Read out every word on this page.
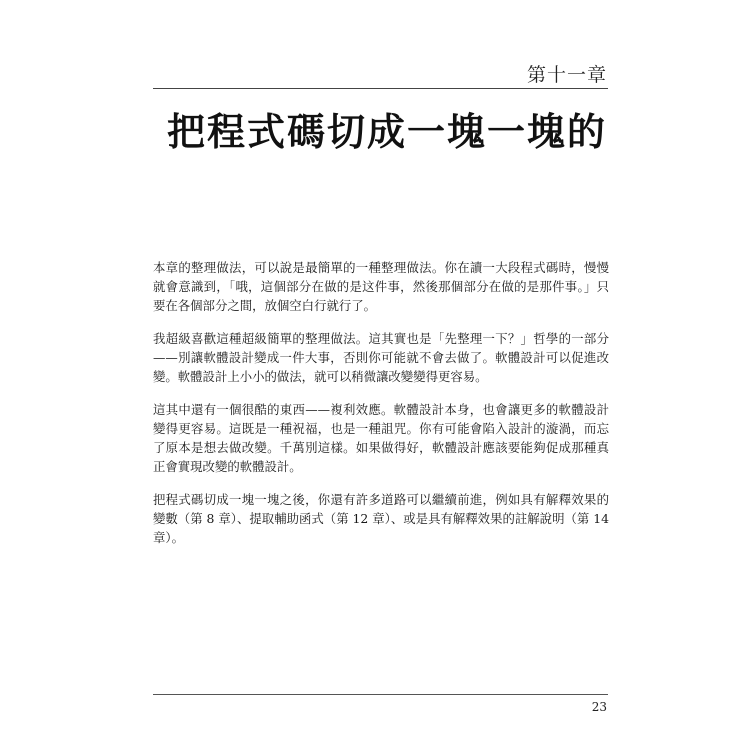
第十一章
把程式碼切成一塊一塊的

本章的整理做法，可以說是最簡單的一種整理做法。你在讀一大段程式碼時，慢慢就會意識到，「哦，這個部分在做的是这件事，然後那個部分在做的是那件事。」只要在各個部分之間，放個空白行就行了。

我超級喜歡這種超級簡單的整理做法。這其實也是「先整理一下？」哲學的一部分——別讓軟體設計變成一件大事，否則你可能就不會去做了。軟體設計可以促進改變。軟體設計上小小的做法，就可以稍微讓改變變得更容易。

這其中還有一個很酷的東西——複利效應。軟體設計本身，也會讓更多的軟體設計變得更容易。這既是一種祝福，也是一種詛咒。你有可能會陷入設計的漩渦，而忘了原本是想去做改變。千萬別這樣。如果做得好，軟體設計應該要能夠促成那種真正會實現改變的軟體設計。

把程式碼切成一塊一塊之後，你還有許多道路可以繼續前進，例如具有解釋效果的變數（第 8 章）、提取輔助函式（第 12 章）、或是具有解釋效果的註解說明（第 14 章）。

23
